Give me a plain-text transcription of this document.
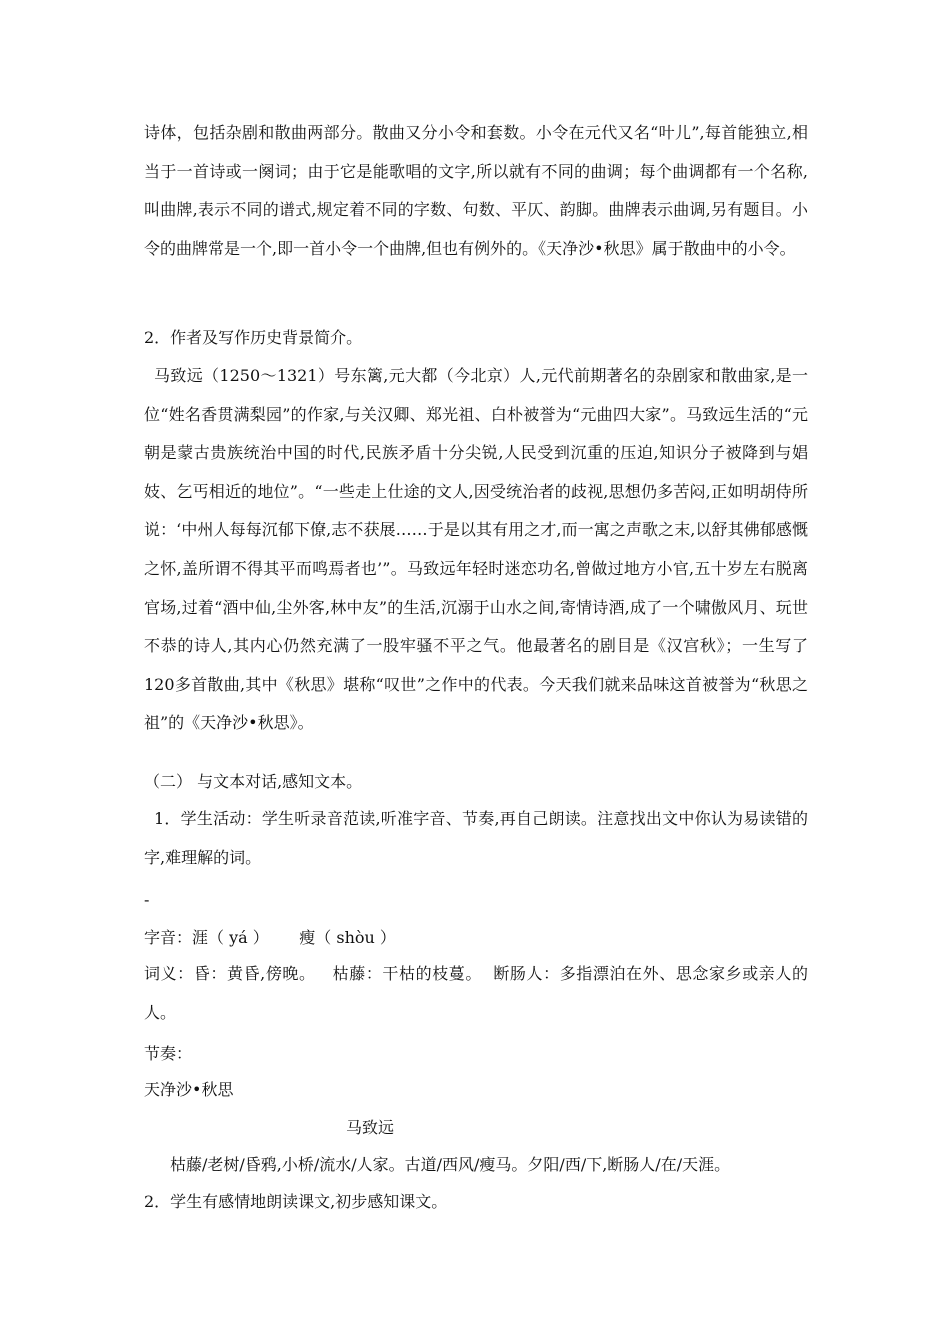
诗体，包括杂剧和散曲两部分。散曲又分小令和套数。小令在元代又名“叶儿”,每首能独立,相当于一首诗或一阕词；由于它是能歌唱的文字,所以就有不同的曲调；每个曲调都有一个名称,叫曲牌,表示不同的谱式,规定着不同的字数、句数、平仄、韵脚。曲牌表示曲调,另有题目。小令的曲牌常是一个,即一首小令一个曲牌,但也有例外的。《天净沙•秋思》属于散曲中的小令。

2．作者及写作历史背景简介。

马致远（1250～1321）号东篱,元大都（今北京）人,元代前期著名的杂剧家和散曲家,是一位“姓名香贯满梨园”的作家,与关汉卿、郑光祖、白朴被誉为“元曲四大家”。马致远生活的“元朝是蒙古贵族统治中国的时代,民族矛盾十分尖锐,人民受到沉重的压迫,知识分子被降到与娼妓、乞丐相近的地位”。“一些走上仕途的文人,因受统治者的歧视,思想仍多苦闷,正如明胡侍所说：‘中州人每每沉郁下僚,志不获展……于是以其有用之才,而一寓之声歌之末,以舒其佛郁感慨之怀,盖所谓不得其平而鸣焉者也’”。马致远年轻时迷恋功名,曾做过地方小官,五十岁左右脱离官场,过着“酒中仙,尘外客,林中友”的生活,沉溺于山水之间,寄情诗酒,成了一个啸傲风月、玩世不恭的诗人,其内心仍然充满了一股牢骚不平之气。他最著名的剧目是《汉宫秋》；一生写了120多首散曲,其中《秋思》堪称“叹世”之作中的代表。今天我们就来品味这首被誉为“秋思之祖”的《天净沙•秋思》。

（二） 与文本对话,感知文本。

1．学生活动：学生听录音范读,听准字音、节奏,再自己朗读。注意找出文中你认为易读错的字,难理解的词。

-

字音：涯（ yá ）      瘦（ shòu ）

词义：昏：黄昏,傍晚。   枯藤：干枯的枝蔓。  断肠人：多指漂泊在外、思念家乡或亲人的人。

节奏：

天净沙•秋思

马致远

枯藤/老树/昏鸦,小桥/流水/人家。古道/西风/瘦马。夕阳/西/下,断肠人/在/天涯。

2．学生有感情地朗读课文,初步感知课文。
